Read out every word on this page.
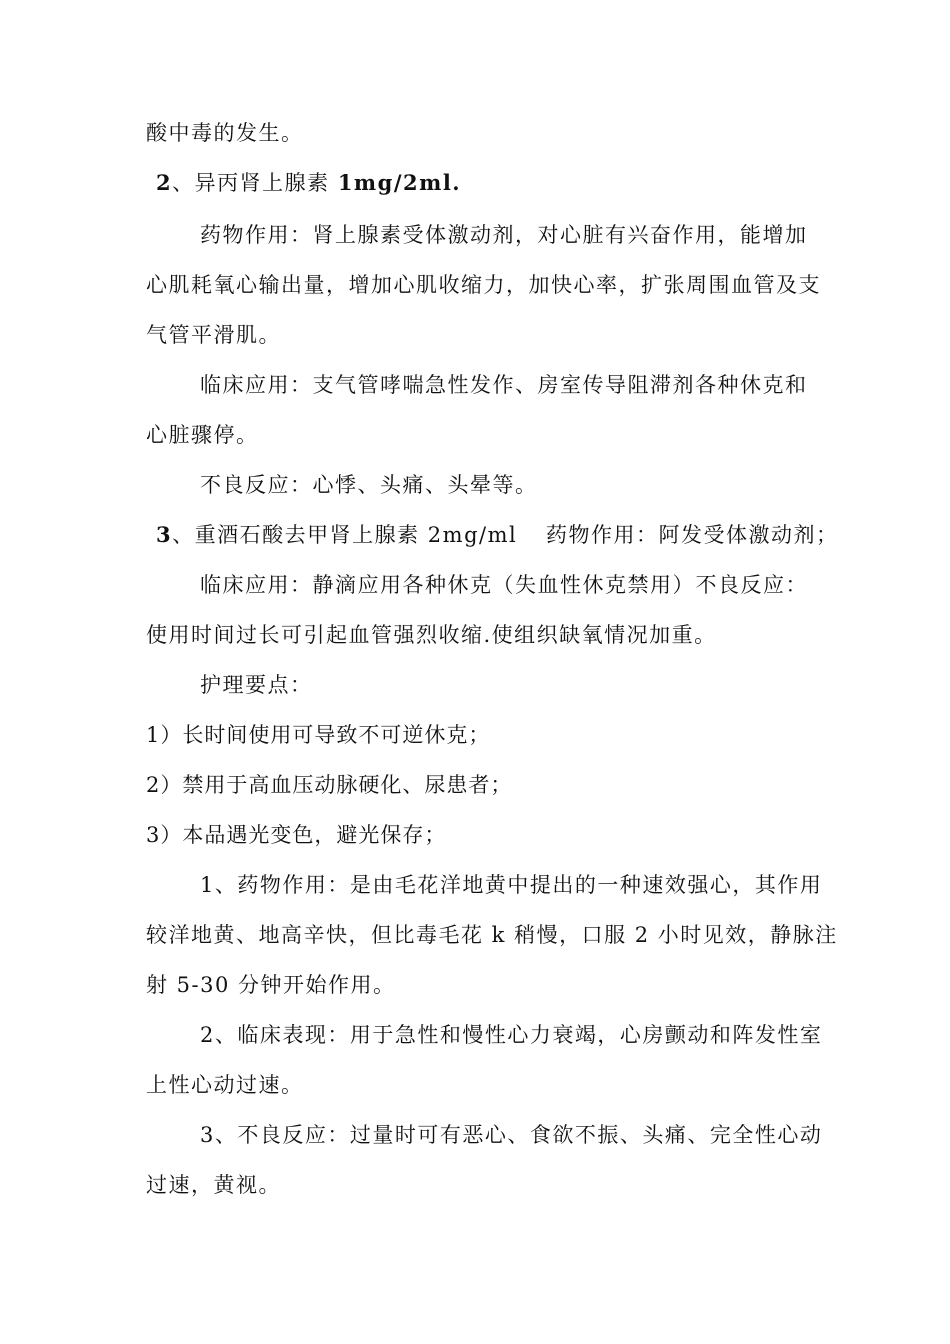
酸中毒的发生。
2、异丙肾上腺素 1mg/2ml.
药物作用：肾上腺素受体激动剂，对心脏有兴奋作用，能增加
心肌耗氧心输出量，增加心肌收缩力，加快心率，扩张周围血管及支
气管平滑肌。
临床应用：支气管哮喘急性发作、房室传导阻滞剂各种休克和
心脏骤停。
不良反应：心悸、头痛、头晕等。
3、重酒石酸去甲肾上腺素 2mg/ml 药物作用：阿发受体激动剂；
临床应用：静滴应用各种休克（失血性休克禁用） 不良反应：
使用时间过长可引起血管强烈收缩.使组织缺氧情况加重。
护理要点：
1）长时间使用可导致不可逆休克；
2）禁用于高血压动脉硬化、尿患者；
3）本品遇光变色，避光保存；
1、药物作用：是由毛花洋地黄中提出的一种速效强心，其作用
较洋地黄、地高辛快，但比毒毛花 k 稍慢，口服 2 小时见效，静脉注
射 5-30 分钟开始作用。
2、临床表现：用于急性和慢性心力衰竭，心房颤动和阵发性室
上性心动过速。
3、不良反应：过量时可有恶心、食欲不振、头痛、完全性心动
过速，黄视。
